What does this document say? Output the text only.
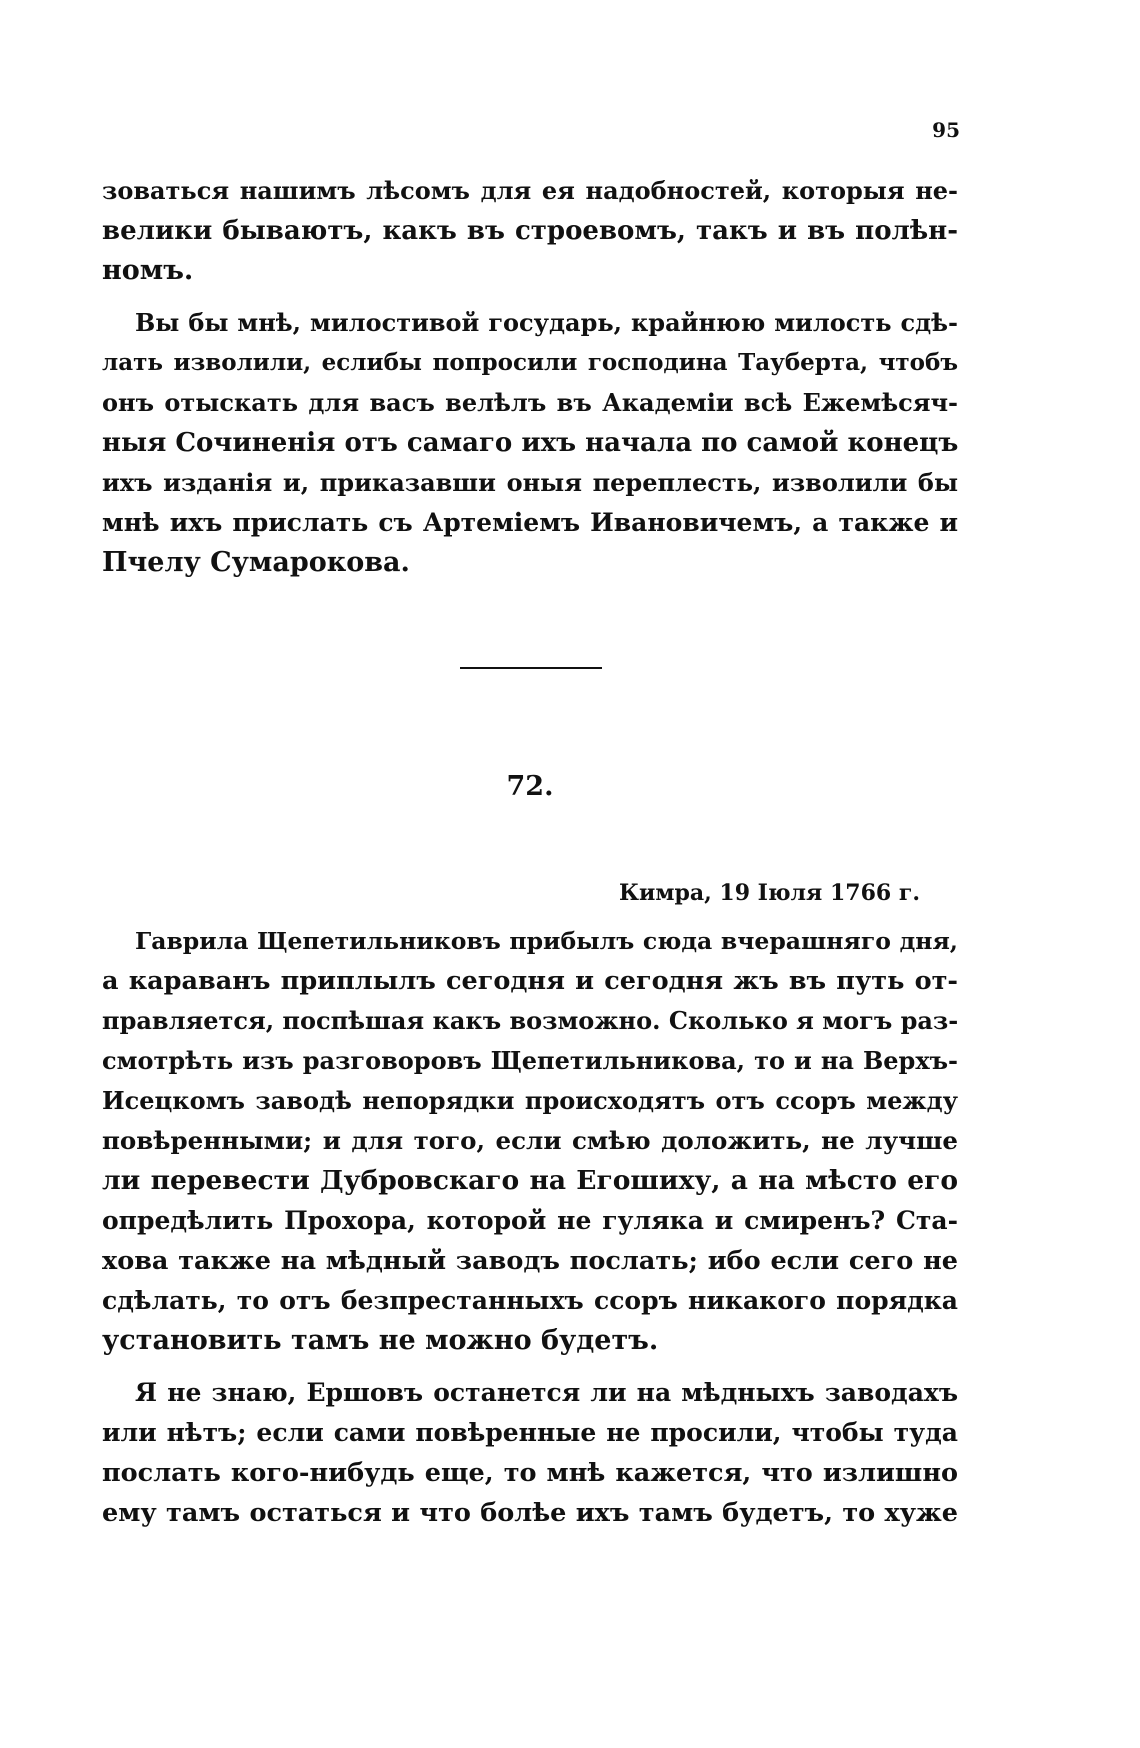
95
зоваться нашимъ лѣсомъ для ея надобностей, которыя не-
велики бываютъ, какъ въ строевомъ, такъ и въ полѣн-
номъ.
Вы бы мнѣ, милостивой государь, крайнюю милость сдѣ-
лать изволили, еслибы попросили господина Тауберта, чтобъ
онъ отыскать для васъ велѣлъ въ Академіи всѣ Ежемѣсяч-
ныя Сочиненія отъ самаго ихъ начала по самой конецъ
ихъ изданія и, приказавши оныя переплесть, изволили бы
мнѣ ихъ прислать съ Артеміемъ Ивановичемъ, а также и
Пчелу Сумарокова.
72.
Кимра, 19 Іюля 1766 г.
Гаврила Щепетильниковъ прибылъ сюда вчерашняго дня,
а караванъ приплылъ сегодня и сегодня жъ въ путь от-
правляется, поспѣшая какъ возможно. Сколько я могъ раз-
смотрѣть изъ разговоровъ Щепетильникова, то и на Верхъ-
Исецкомъ заводѣ непорядки происходятъ отъ ссоръ между
повѣренными; и для того, если смѣю доложить, не лучше
ли перевести Дубровскаго на Егошиху, а на мѣсто его
опредѣлить Прохора, которой не гуляка и смиренъ? Ста-
хова также на мѣдный заводъ послать; ибо если сего не
сдѣлать, то отъ безпрестанныхъ ссоръ никакого порядка
установить тамъ не можно будетъ.
Я не знаю, Ершовъ останется ли на мѣдныхъ заводахъ
или нѣтъ; если сами повѣренные не просили, чтобы туда
послать кого-нибудь еще, то мнѣ кажется, что излишно
ему тамъ остаться и что болѣе ихъ тамъ будетъ, то хуже
